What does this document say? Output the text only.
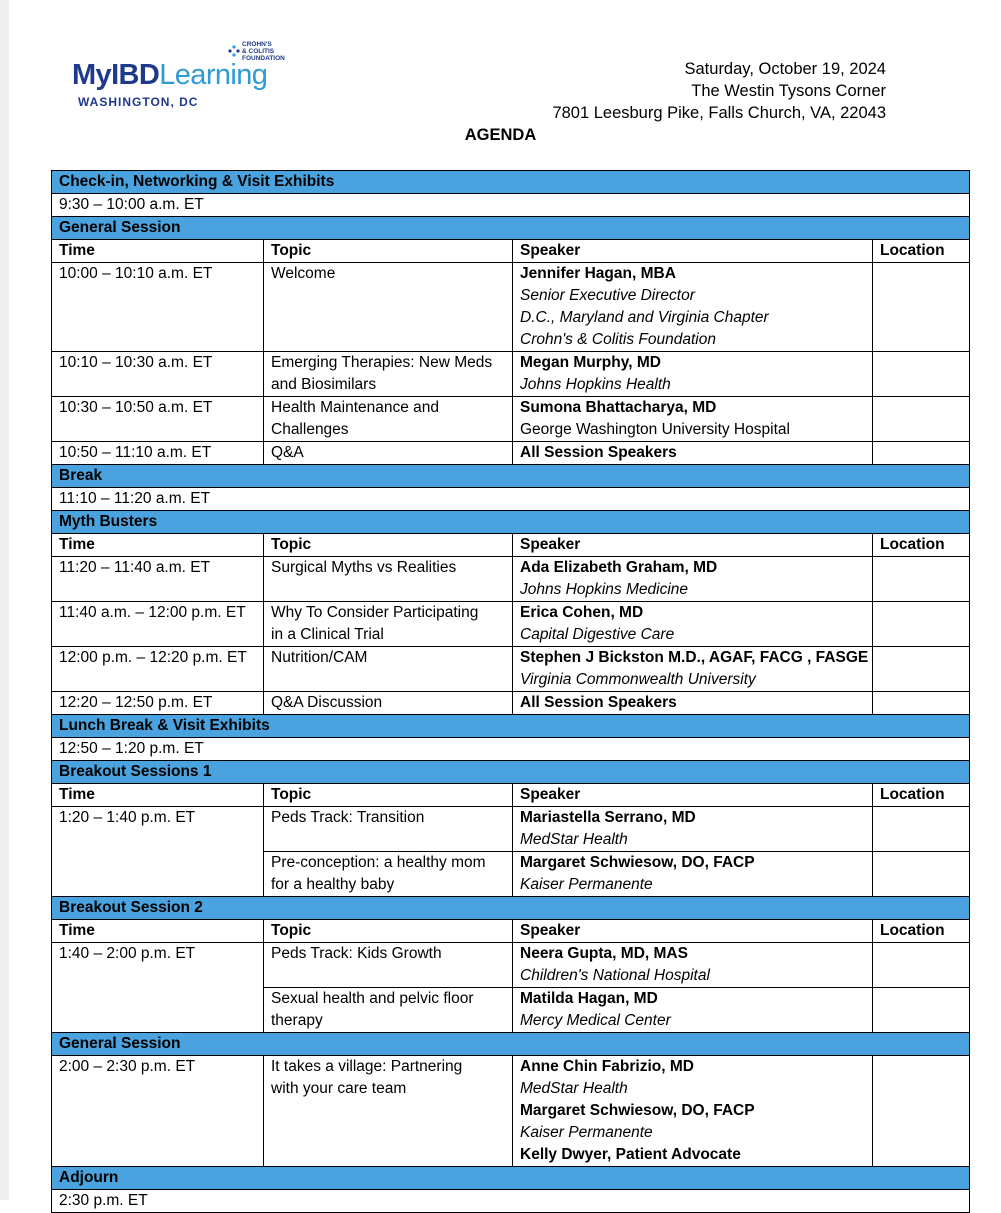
CROHN'S
& COLITIS
FOUNDATION
MyIBDLearning
WASHINGTON, DC
Saturday, October 19, 2024
The Westin Tysons Corner
7801 Leesburg Pike, Falls Church, VA, 22043
AGENDA
Check-in, Networking & Visit Exhibits			
9:30 – 10:00 a.m. ET			
General Session			
Time	Topic	Speaker	Location
10:00 – 10:10 a.m. ET	Welcome	Jennifer Hagan, MBA
Senior Executive Director
D.C., Maryland and Virginia Chapter
Crohn's & Colitis Foundation	

10:10 – 10:30 a.m. ET	Emerging Therapies: New Meds
and Biosimilars	Megan Murphy, MD
Johns Hopkins Health	

10:30 – 10:50 a.m. ET	Health Maintenance and
Challenges	Sumona Bhattacharya, MD
George Washington University Hospital	

10:50 – 11:10 a.m. ET	Q&A	All Session Speakers	
Break			
11:10 – 11:20 a.m. ET			
Myth Busters			
Time	Topic	Speaker	Location
11:20 – 11:40 a.m. ET	Surgical Myths vs Realities	Ada Elizabeth Graham, MD
Johns Hopkins Medicine	

11:40 a.m. – 12:00 p.m. ET	Why To Consider Participating
in a Clinical Trial	Erica Cohen, MD
Capital Digestive Care	

12:00 p.m. – 12:20 p.m. ET	Nutrition/CAM	Stephen J Bickston M.D., AGAF, FACG , FASGE
Virginia Commonwealth University	

12:20 – 12:50 p.m. ET	Q&A Discussion	All Session Speakers	
Lunch Break & Visit Exhibits			
12:50 – 1:20 p.m. ET			
Breakout Sessions 1			
Time	Topic	Speaker	Location
1:20 – 1:40 p.m. ET	Peds Track: Transition	Mariastella Serrano, MD
MedStar Health	

	Pre-conception: a healthy mom
for a healthy baby	Margaret Schwiesow, DO, FACP
Kaiser Permanente	

Breakout Session 2			
Time	Topic	Speaker	Location
1:40 – 2:00 p.m. ET	Peds Track: Kids Growth	Neera Gupta, MD, MAS
Children's National Hospital	

	Sexual health and pelvic floor
therapy	Matilda Hagan, MD
Mercy Medical Center	

General Session			
2:00 – 2:30 p.m. ET	It takes a village: Partnering
with your care team	Anne Chin Fabrizio, MD
MedStar Health
Margaret Schwiesow, DO, FACP
Kaiser Permanente
Kelly Dwyer, Patient Advocate	

Adjourn			
2:30 p.m. ET			
